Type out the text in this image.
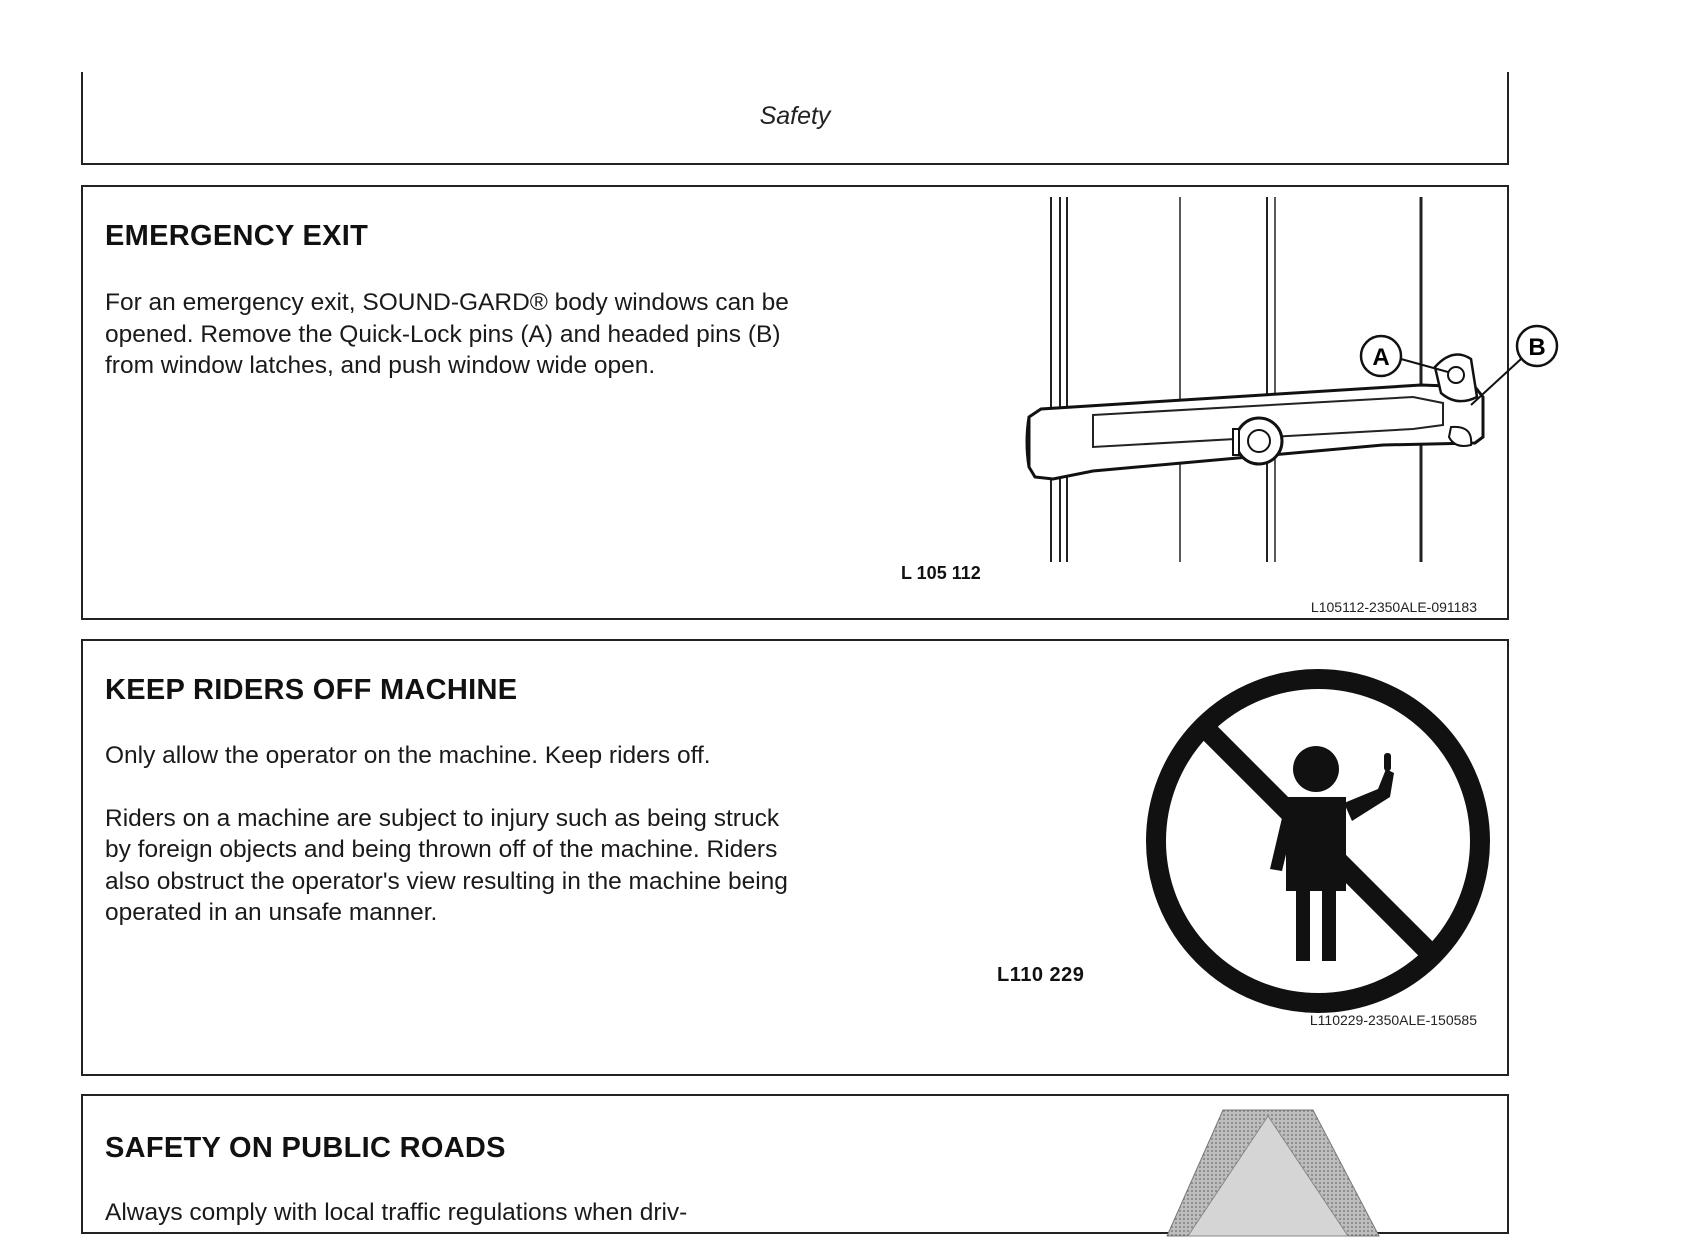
Safety
EMERGENCY EXIT

For an emergency exit, SOUND-GARD® body windows can be opened. Remove the Quick-Lock pins (A) and headed pins (B) from window latches, and push window wide open.	A	B
L 105 112
L105112-2350ALE-091183
KEEP RIDERS OFF MACHINE

Only allow the operator on the machine. Keep riders off.

Riders on a machine are subject to injury such as being struck by foreign objects and being thrown off of the machine. Riders also obstruct the operator's view resulting in the machine being operated in an unsafe manner.

L110 229
L110229-2350ALE-150585
SAFETY ON PUBLIC ROADS

Always comply with local traffic regulations when driv-
